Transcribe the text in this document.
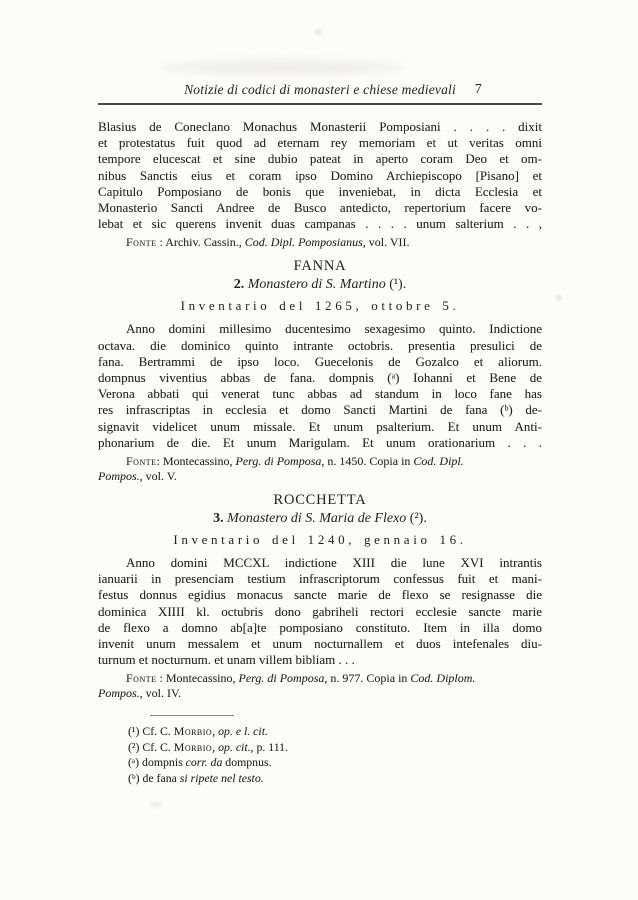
Notizie di codici di monasteri e chiese medievali 7
Blasius de Coneclano Monachus Monasterii Pomposiani . . . . dixit
et protestatus fuit quod ad eternam rey memoriam et ut veritas omni
tempore elucescat et sine dubio pateat in aperto coram Deo et om-
nibus Sanctis eius et coram ipso Domino Archiepiscopo [Pisano] et
Capitulo Pomposiano de bonis que inveniebat, in dicta Ecclesia et
Monasterio Sancti Andree de Busco antedicto, repertorium facere vo-
lebat et sic querens invenit duas campanas . . . . unum salterium . . ,
Fonte : Archiv. Cassin., Cod. Dipl. Pomposianus, vol. VII.
FANNA
2. Monastero di S. Martino (¹).
Inventario del 1265, ottobre 5.
Anno domini millesimo ducentesimo sexagesimo quinto. Indictione
octava. die dominico quinto intrante octobris. presentia presulici de
fana. Bertrammi de ipso loco. Guecelonis de Gozalco et aliorum.
dompnus viventius abbas de fana. dompnis (ᵃ) Iohanni et Bene de
Verona abbati qui venerat tunc abbas ad standum in loco fane has
res infrascriptas in ecclesia et domo Sancti Martini de fana (ᵇ) de-
signavit videlicet unum missale. Et unum psalterium. Et unum Anti-
phonarium de die. Et unum Marigulam. Et unum orationarium . . .
Fonte: Montecassino, Perg. di Pomposa, n. 1450. Copia in Cod. Dipl.
Pompos., vol. V.
ROCCHETTA
3. Monastero di S. Maria de Flexo (²).
Inventario del 1240, gennaio 16.
Anno domini MCCXL indictione XIII die lune XVI intrantis
ianuarii in presenciam testium infrascriptorum confessus fuit et mani-
festus donnus egidius monacus sancte marie de flexo se resignasse die
dominica XIIII kl. octubris dono gabriheli rectori ecclesie sancte marie
de flexo a domno ab[a]te pomposiano constituto. Item in illa domo
invenit unum messalem et unum nocturnallem et duos intefenales diu-
turnum et nocturnum. et unam villem bibliam . . .
Fonte : Montecassino, Perg. di Pomposa, n. 977. Copia in Cod. Diplom.
Pompos., vol. IV.
(¹) Cf. C. Morbio, op. e l. cit.
(²) Cf. C. Morbio, op. cit., p. 111.
(ᵃ) dompnis corr. da dompnus.
(ᵇ) de fana si ripete nel testo.
